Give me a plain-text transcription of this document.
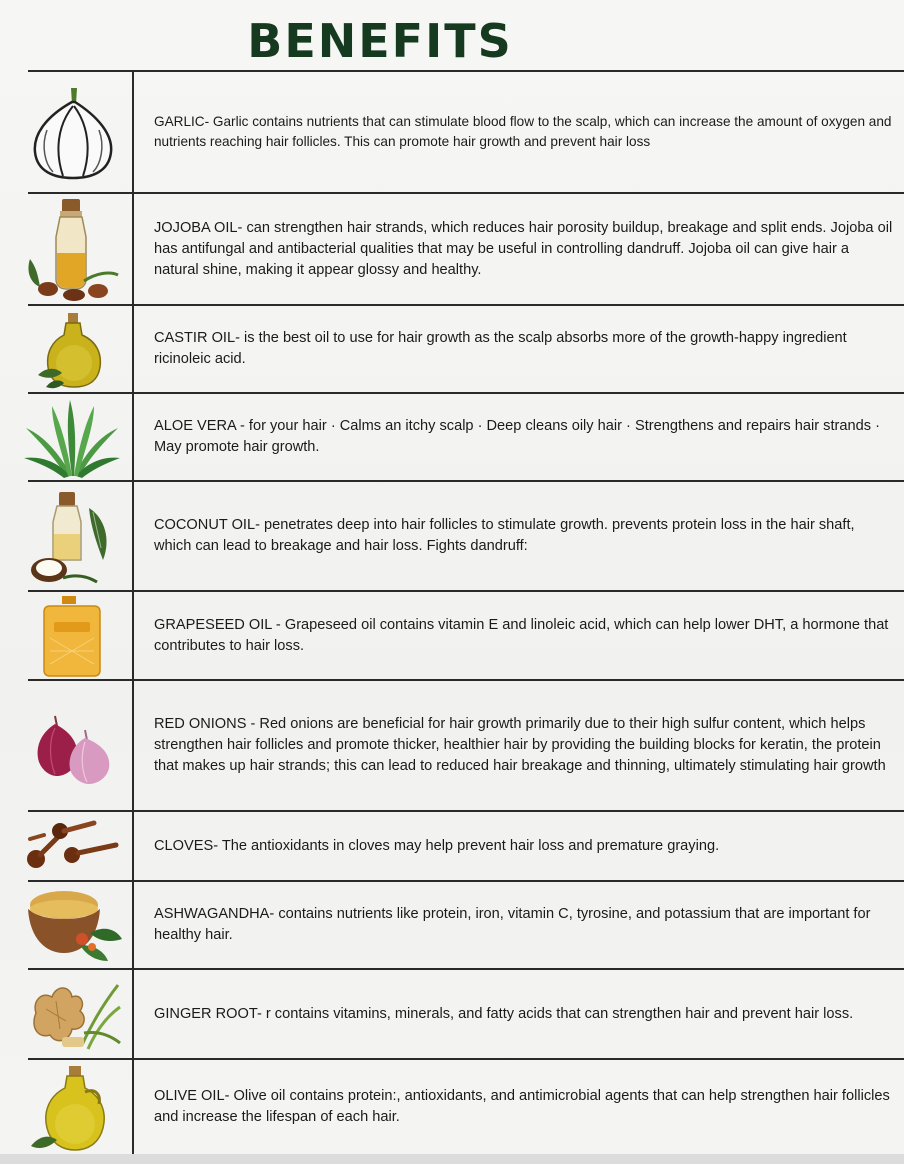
BENEFITS

GARLIC- Garlic contains nutrients that can stimulate blood flow to the scalp, which can increase the amount of oxygen and nutrients reaching hair follicles. This can promote hair growth and prevent hair loss

JOJOBA OIL- can strengthen hair strands, which reduces hair porosity buildup, breakage and split ends. Jojoba oil has antifungal and antibacterial qualities that may be useful in controlling dandruff. Jojoba oil can give hair a natural shine, making it appear glossy and healthy.

CASTIR OIL- is the best oil to use for hair growth as the scalp absorbs more of the growth-happy ingredient ricinoleic acid.

ALOE VERA - for your hair · Calms an itchy scalp · Deep cleans oily hair · Strengthens and repairs hair strands · May promote hair growth.

COCONUT OIL- penetrates deep into hair follicles to stimulate growth. prevents protein loss in the hair shaft, which can lead to breakage and hair loss. Fights dandruff:

GRAPESEED OIL - Grapeseed oil contains vitamin E and linoleic acid, which can help lower DHT, a hormone that contributes to hair loss.

RED ONIONS - Red onions are beneficial for hair growth primarily due to their high sulfur content, which helps strengthen hair follicles and promote thicker, healthier hair by providing the building blocks for keratin, the protein that makes up hair strands; this can lead to reduced hair breakage and thinning, ultimately stimulating hair growth

CLOVES- The antioxidants in cloves may help prevent hair loss and premature graying.

ASHWAGANDHA- contains nutrients like protein, iron, vitamin C, tyrosine, and potassium that are important for healthy hair.

GINGER ROOT- r contains vitamins, minerals, and fatty acids that can strengthen hair and prevent hair loss.

OLIVE OIL- Olive oil contains protein:, antioxidants, and antimicrobial agents that can help strengthen hair follicles and increase the lifespan of each hair.
